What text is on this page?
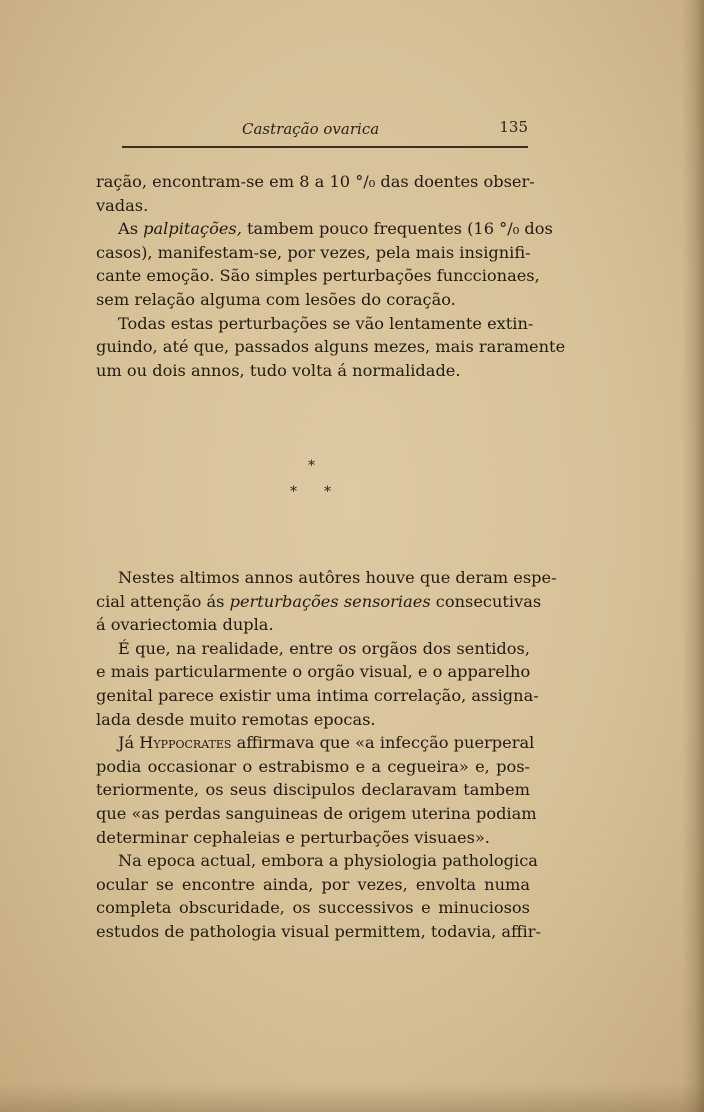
Castração ovarica	135

ração, encontram-se em 8 a 10 °/₀ das doentes obser-
vadas.

As palpitações, tambem pouco frequentes (16 °/₀ dos
casos), manifestam-se, por vezes, pela mais insignifi-
cante emoção. São simples perturbações funccionaes,
sem relação alguma com lesões do coração.

Todas estas perturbações se vão lentamente extin-
guindo, até que, passados alguns mezes, mais raramente
um ou dois annos, tudo volta á normalidade.

*
* *

Nestes altimos annos autôres houve que deram espe-
cial attenção ás perturbações sensoriaes consecutivas
á ovariectomia dupla.

É que, na realidade, entre os orgãos dos sentidos,
e mais particularmente o orgão visual, e o apparelho
genital parece existir uma intima correlação, assigna-
lada desde muito remotas epocas.

Já Hyppocrates affirmava que «a infecção puerperal
podia occasionar o estrabismo e a cegueira» e, pos-
teriormente, os seus discipulos declaravam tambem
que «as perdas sanguineas de origem uterina podiam
determinar cephaleias e perturbações visuaes».

Na epoca actual, embora a physiologia pathologica
ocular se encontre ainda, por vezes, envolta numa
completa obscuridade, os successivos e minuciosos
estudos de pathologia visual permittem, todavia, affir-
